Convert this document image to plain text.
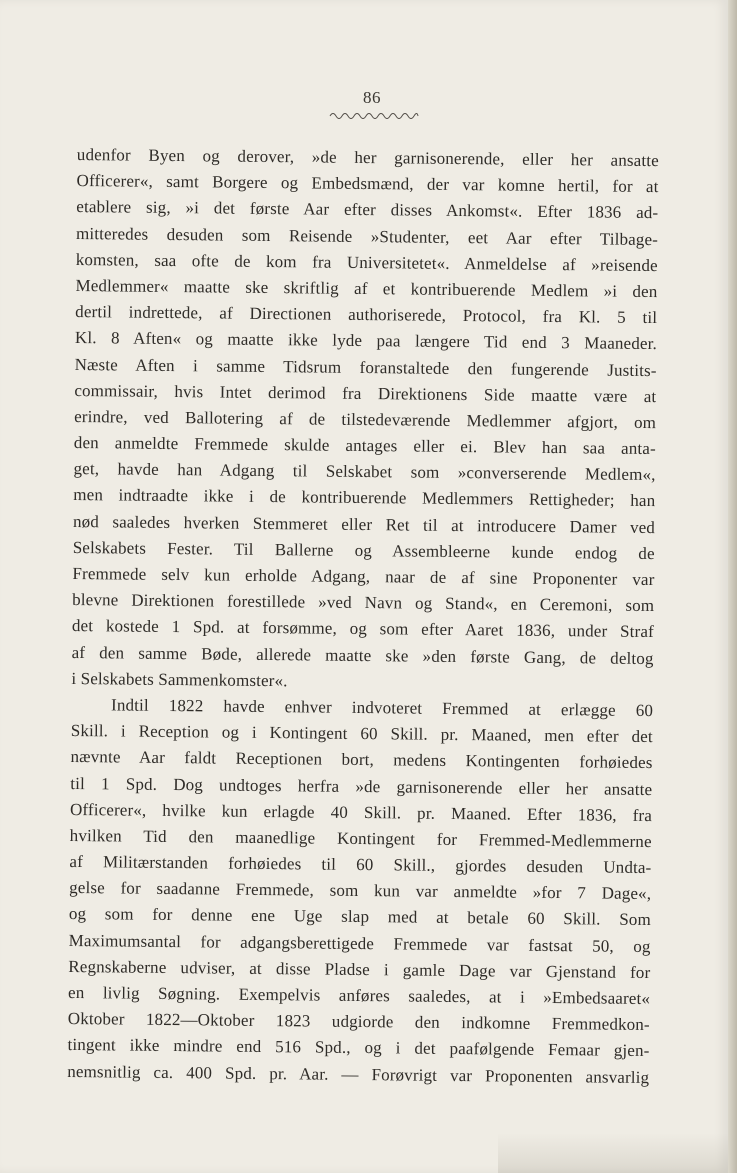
86
udenfor Byen og derover, »de her garnisonerende, eller her ansatte
Officerer«, samt Borgere og Embedsmænd, der var komne hertil, for at
etablere sig, »i det første Aar efter disses Ankomst«. Efter 1836 ad-
mitteredes desuden som Reisende »Studenter, eet Aar efter Tilbage-
komsten, saa ofte de kom fra Universitetet«. Anmeldelse af »reisende
Medlemmer« maatte ske skriftlig af et kontribuerende Medlem »i den
dertil indrettede, af Directionen authoriserede, Protocol, fra Kl. 5 til
Kl. 8 Aften« og maatte ikke lyde paa længere Tid end 3 Maaneder.
Næste Aften i samme Tidsrum foranstaltede den fungerende Justits-
commissair, hvis Intet derimod fra Direktionens Side maatte være at
erindre, ved Ballotering af de tilstedeværende Medlemmer afgjort, om
den anmeldte Fremmede skulde antages eller ei. Blev han saa anta-
get, havde han Adgang til Selskabet som »converserende Medlem«,
men indtraadte ikke i de kontribuerende Medlemmers Rettigheder; han
nød saaledes hverken Stemmeret eller Ret til at introducere Damer ved
Selskabets Fester. Til Ballerne og Assembleerne kunde endog de
Fremmede selv kun erholde Adgang, naar de af sine Proponenter var
blevne Direktionen forestillede »ved Navn og Stand«, en Ceremoni, som
det kostede 1 Spd. at forsømme, og som efter Aaret 1836, under Straf
af den samme Bøde, allerede maatte ske »den første Gang, de deltog
i Selskabets Sammenkomster«.
Indtil 1822 havde enhver indvoteret Fremmed at erlægge 60
Skill. i Reception og i Kontingent 60 Skill. pr. Maaned, men efter det
nævnte Aar faldt Receptionen bort, medens Kontingenten forhøiedes
til 1 Spd. Dog undtoges herfra »de garnisonerende eller her ansatte
Officerer«, hvilke kun erlagde 40 Skill. pr. Maaned. Efter 1836, fra
hvilken Tid den maanedlige Kontingent for Fremmed-Medlemmerne
af Militærstanden forhøiedes til 60 Skill., gjordes desuden Undta-
gelse for saadanne Fremmede, som kun var anmeldte »for 7 Dage«,
og som for denne ene Uge slap med at betale 60 Skill. Som
Maximumsantal for adgangsberettigede Fremmede var fastsat 50, og
Regnskaberne udviser, at disse Pladse i gamle Dage var Gjenstand for
en livlig Søgning. Exempelvis anføres saaledes, at i »Embedsaaret«
Oktober 1822—Oktober 1823 udgiorde den indkomne Fremmedkon-
tingent ikke mindre end 516 Spd., og i det paafølgende Femaar gjen-
nemsnitlig ca. 400 Spd. pr. Aar. — Forøvrigt var Proponenten ansvarlig
